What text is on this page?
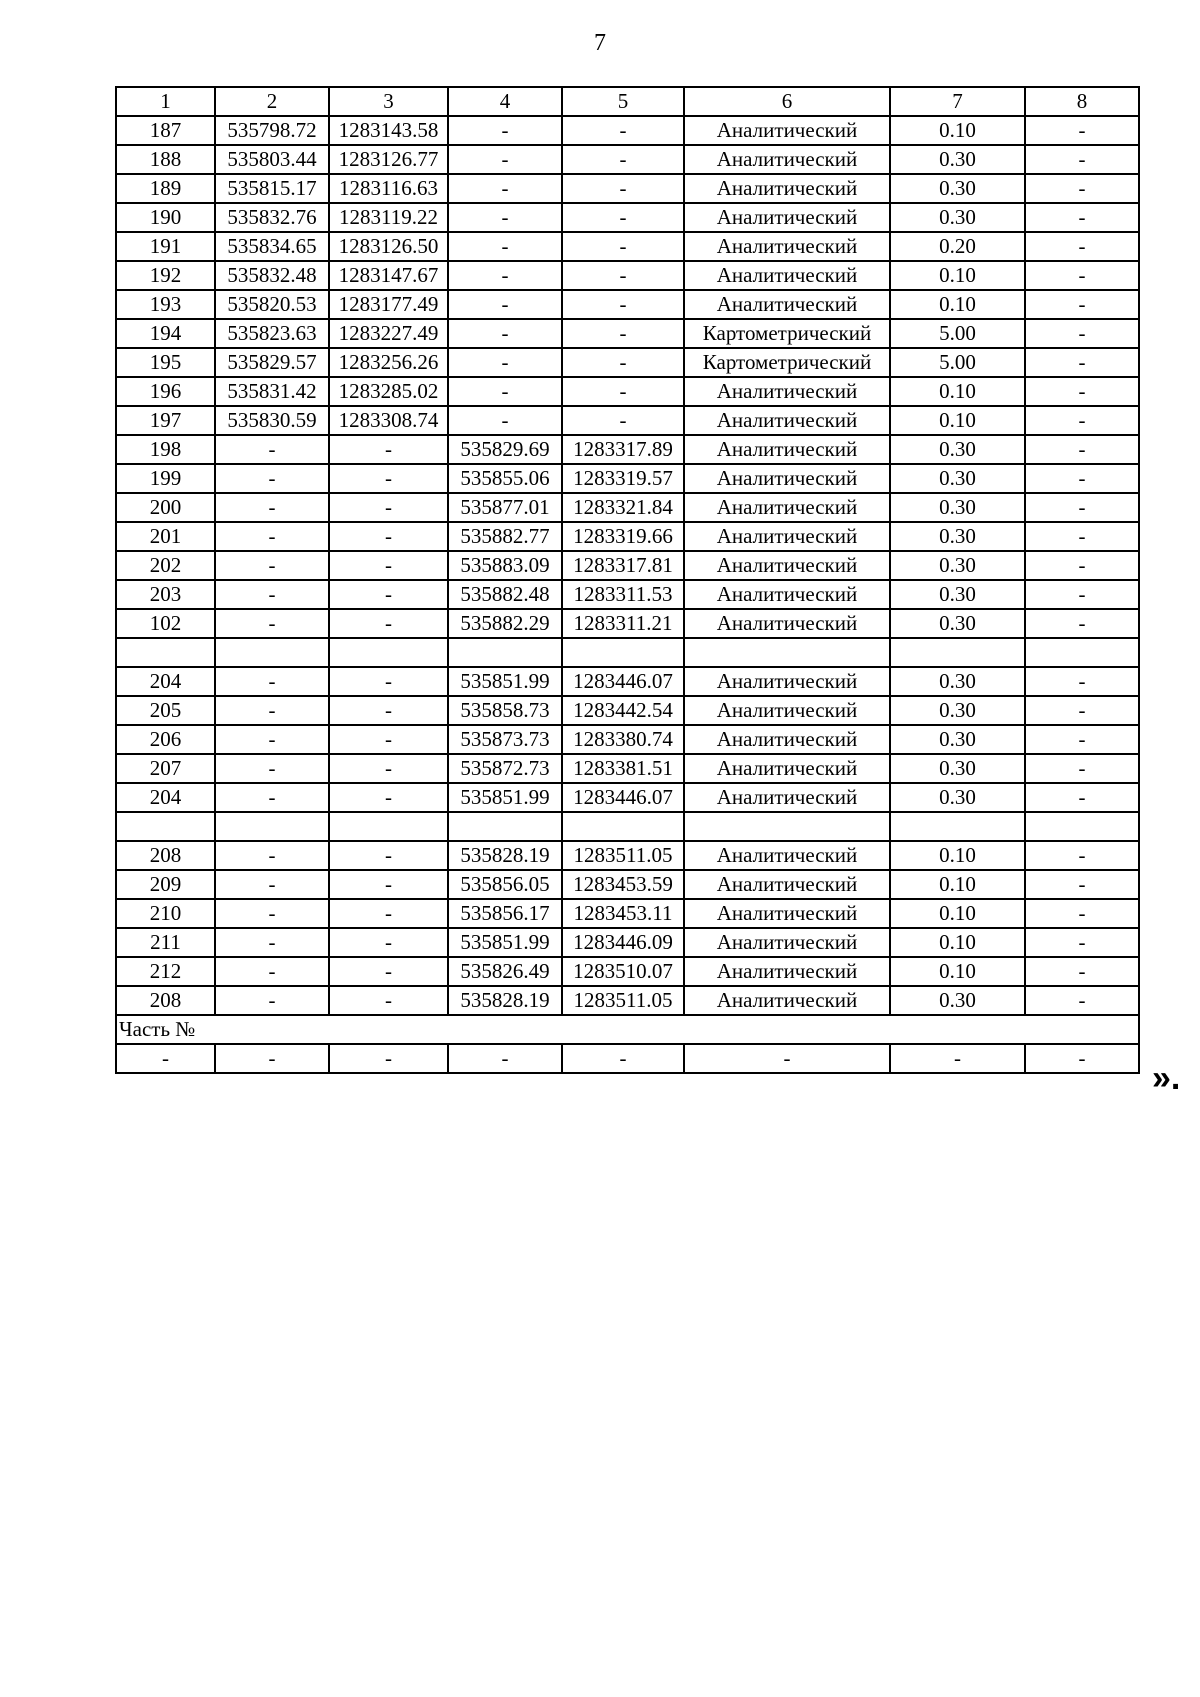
7
1	2	3	4	5	6	7	8
187	535798.72	1283143.58	-	-	Аналитический	0.10	-
188	535803.44	1283126.77	-	-	Аналитический	0.30	-
189	535815.17	1283116.63	-	-	Аналитический	0.30	-
190	535832.76	1283119.22	-	-	Аналитический	0.30	-
191	535834.65	1283126.50	-	-	Аналитический	0.20	-
192	535832.48	1283147.67	-	-	Аналитический	0.10	-
193	535820.53	1283177.49	-	-	Аналитический	0.10	-
194	535823.63	1283227.49	-	-	Картометрический	5.00	-
195	535829.57	1283256.26	-	-	Картометрический	5.00	-
196	535831.42	1283285.02	-	-	Аналитический	0.10	-
197	535830.59	1283308.74	-	-	Аналитический	0.10	-
198	-	-	535829.69	1283317.89	Аналитический	0.30	-
199	-	-	535855.06	1283319.57	Аналитический	0.30	-
200	-	-	535877.01	1283321.84	Аналитический	0.30	-
201	-	-	535882.77	1283319.66	Аналитический	0.30	-
202	-	-	535883.09	1283317.81	Аналитический	0.30	-
203	-	-	535882.48	1283311.53	Аналитический	0.30	-
102	-	-	535882.29	1283311.21	Аналитический	0.30	-

204	-	-	535851.99	1283446.07	Аналитический	0.30	-
205	-	-	535858.73	1283442.54	Аналитический	0.30	-
206	-	-	535873.73	1283380.74	Аналитический	0.30	-
207	-	-	535872.73	1283381.51	Аналитический	0.30	-
204	-	-	535851.99	1283446.07	Аналитический	0.30	-

208	-	-	535828.19	1283511.05	Аналитический	0.10	-
209	-	-	535856.05	1283453.59	Аналитический	0.10	-
210	-	-	535856.17	1283453.11	Аналитический	0.10	-
211	-	-	535851.99	1283446.09	Аналитический	0.10	-
212	-	-	535826.49	1283510.07	Аналитический	0.10	-
208	-	-	535828.19	1283511.05	Аналитический	0.30	-
Часть №							
-	-	-	-	-	-	-	-
».
